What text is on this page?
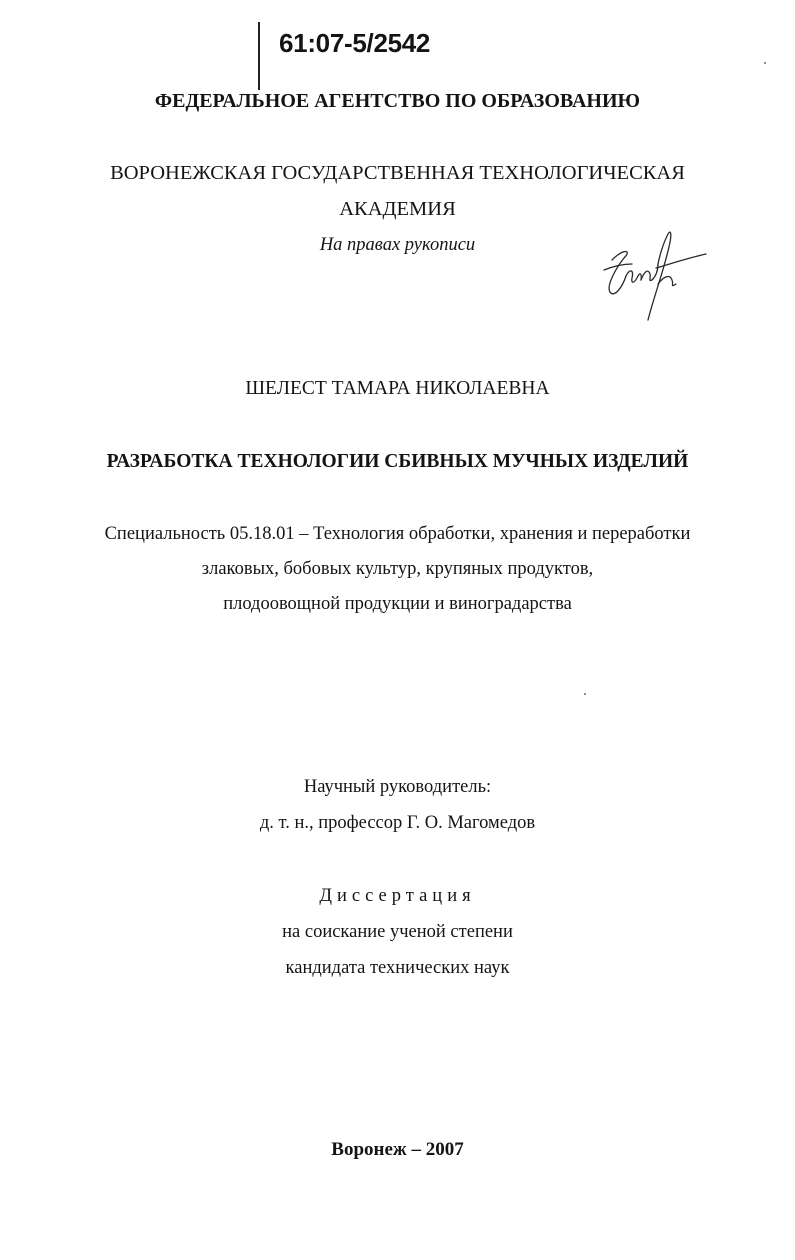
61:07-5/2542
ФЕДЕРАЛЬНОЕ АГЕНТСТВО ПО ОБРАЗОВАНИЮ
ВОРОНЕЖСКАЯ ГОСУДАРСТВЕННАЯ ТЕХНОЛОГИЧЕСКАЯ
АКАДЕМИЯ
На правах рукописи
ШЕЛЕСТ ТАМАРА НИКОЛАЕВНА
РАЗРАБОТКА ТЕХНОЛОГИИ СБИВНЫХ МУЧНЫХ ИЗДЕЛИЙ
Специальность 05.18.01 – Технология обработки, хранения и переработки
злаковых, бобовых культур, крупяных продуктов,
плодоовощной продукции и виноградарства
Научный руководитель:
д. т. н., профессор Г. О. Магомедов
Диссертация
на соискание ученой степени
кандидата технических наук
Воронеж – 2007
